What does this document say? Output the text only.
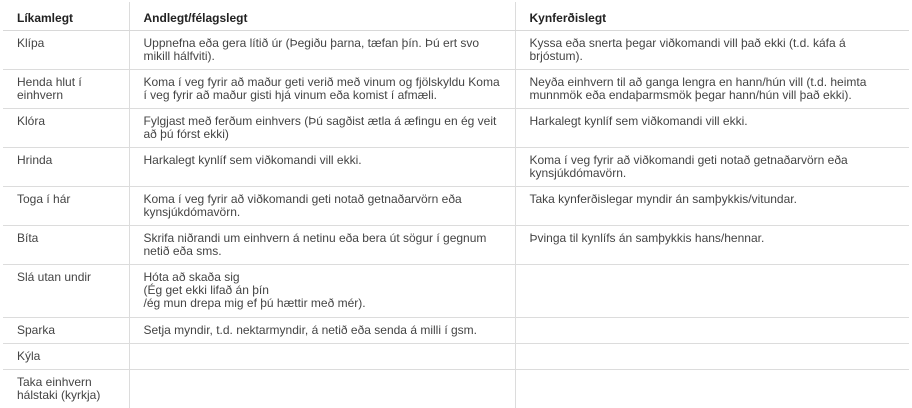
Líkamlegt	Andlegt/félagslegt	Kynferðislegt
Klípa	Uppnefna eða gera lítið úr (Þegiðu þarna, tæfan þín. Þú ert svo mikill hálfviti).	Kyssa eða snerta þegar viðkomandi vill það ekki (t.d. káfa á brjóstum).
Henda hlut í einhvern	Koma í veg fyrir að maður geti verið með vinum og fjölskyldu Koma í veg fyrir að maður gisti hjá vinum eða komist í afmæli.	Neyða einhvern til að ganga lengra en hann/hún vill (t.d. heimta munnmök eða endaþarmsmök þegar hann/hún vill það ekki).
Klóra	Fylgjast með ferðum einhvers (Þú sagðist ætla á æfingu en ég veit að þú fórst ekki)	Harkalegt kynlíf sem viðkomandi vill ekki.
Hrinda	Harkalegt kynlíf sem viðkomandi vill ekki.	Koma í veg fyrir að viðkomandi geti notað getnaðarvörn eða kynsjúkdómavörn.
Toga í hár	Koma í veg fyrir að viðkomandi geti notað getnaðarvörn eða kynsjúkdómavörn.	Taka kynferðislegar myndir án samþykkis/vitundar.
Bíta	Skrifa niðrandi um einhvern á netinu eða bera út sögur í gegnum netið eða sms.	Þvinga til kynlífs án samþykkis hans/hennar.
Slá utan undir	Hóta að skaða sig
(Ég get ekki lifað án þín
/ég mun drepa mig ef þú hættir með mér).	
Sparka	Setja myndir, t.d. nektarmyndir, á netið eða senda á milli í gsm.	
Kýla		
Taka einhvern hálstaki (kyrkja)		
